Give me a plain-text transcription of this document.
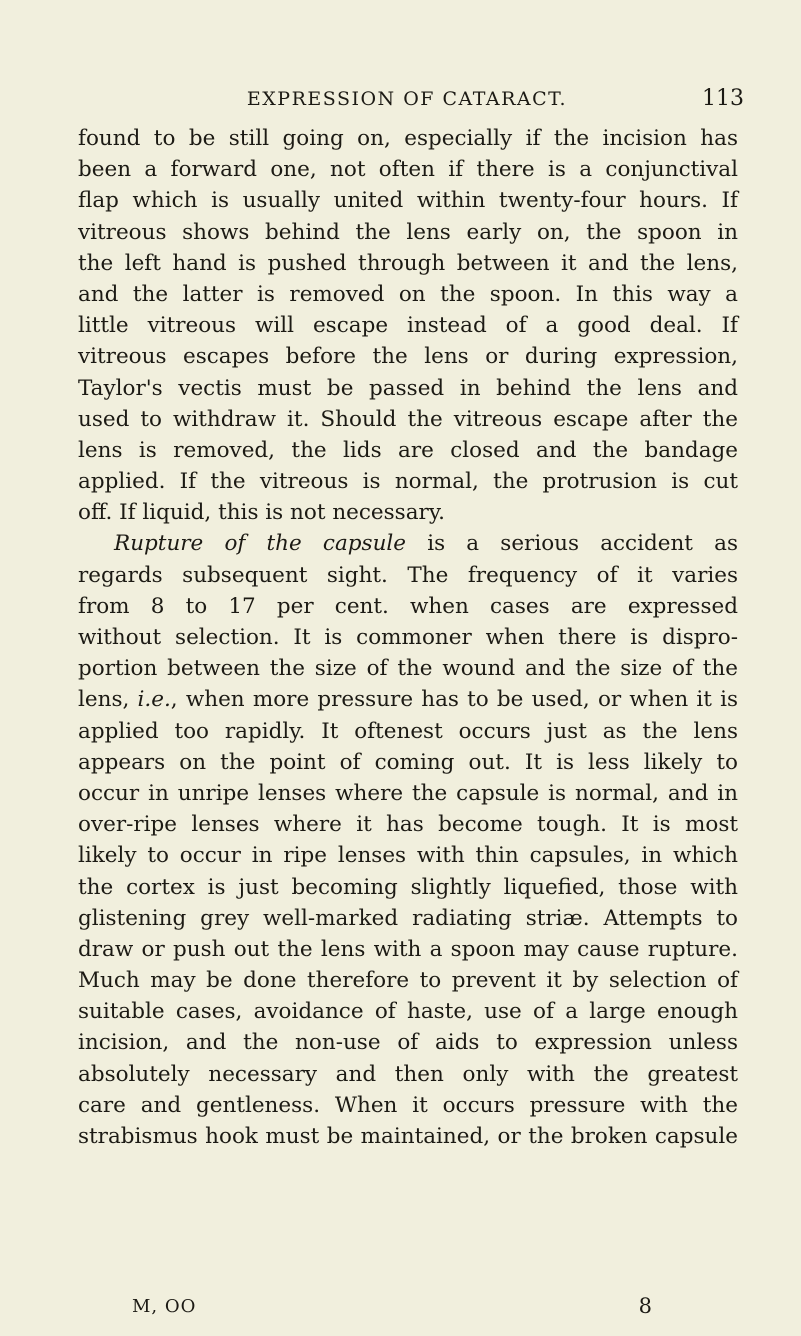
EXPRESSION OF CATARACT.	113
found to be still going on, especially if the incision has
been a forward one, not often if there is a conjunctival
flap which is usually united within twenty-four hours. If
vitreous shows behind the lens early on, the spoon in
the left hand is pushed through between it and the lens,
and the latter is removed on the spoon. In this way a
little vitreous will escape instead of a good deal. If
vitreous escapes before the lens or during expression,
Taylor's vectis must be passed in behind the lens and
used to withdraw it. Should the vitreous escape after the
lens is removed, the lids are closed and the bandage
applied. If the vitreous is normal, the protrusion is cut
off. If liquid, this is not necessary.
Rupture of the capsule is a serious accident as
regards subsequent sight. The frequency of it varies
from 8 to 17 per cent. when cases are expressed
without selection. It is commoner when there is dispro-
portion between the size of the wound and the size of the
lens, i.e., when more pressure has to be used, or when it is
applied too rapidly. It oftenest occurs just as the lens
appears on the point of coming out. It is less likely to
occur in unripe lenses where the capsule is normal, and in
over-ripe lenses where it has become tough. It is most
likely to occur in ripe lenses with thin capsules, in which
the cortex is just becoming slightly liquefied, those with
glistening grey well-marked radiating striæ. Attempts to
draw or push out the lens with a spoon may cause rupture.
Much may be done therefore to prevent it by selection of
suitable cases, avoidance of haste, use of a large enough
incision, and the non-use of aids to expression unless
absolutely necessary and then only with the greatest
care and gentleness. When it occurs pressure with the
strabismus hook must be maintained, or the broken capsule
M, OO	8
